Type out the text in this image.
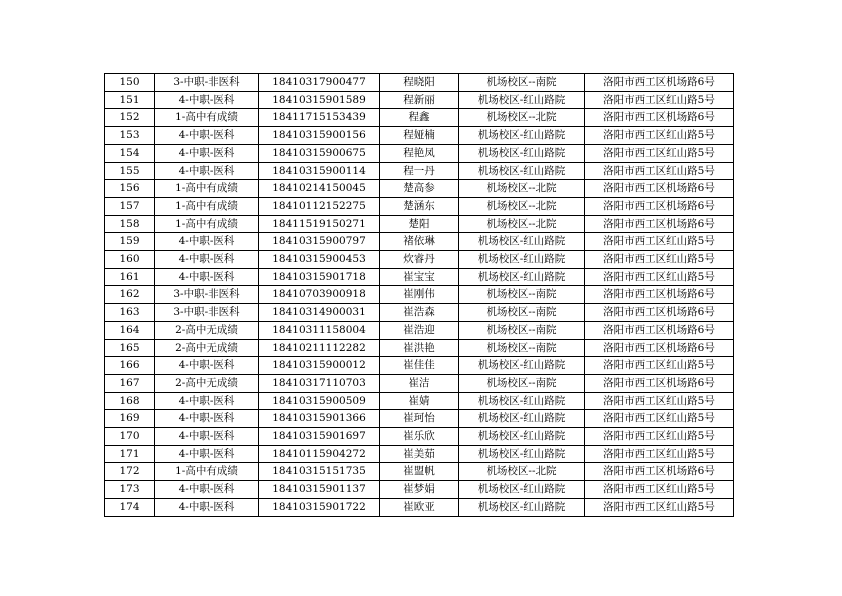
150	3-中职-非医科	18410317900477	程晓阳	机场校区--南院	洛阳市西工区机场路6号
151	4-中职-医科	18410315901589	程新丽	机场校区-红山路院	洛阳市西工区红山路5号
152	1-高中有成绩	18411715153439	程鑫	机场校区--北院	洛阳市西工区机场路6号
153	4-中职-医科	18410315900156	程娅楠	机场校区-红山路院	洛阳市西工区红山路5号
154	4-中职-医科	18410315900675	程艳凤	机场校区-红山路院	洛阳市西工区红山路5号
155	4-中职-医科	18410315900114	程一丹	机场校区-红山路院	洛阳市西工区红山路5号
156	1-高中有成绩	18410214150045	楚高参	机场校区--北院	洛阳市西工区机场路6号
157	1-高中有成绩	18410112152275	楚涵东	机场校区--北院	洛阳市西工区机场路6号
158	1-高中有成绩	18411519150271	楚阳	机场校区--北院	洛阳市西工区机场路6号
159	4-中职-医科	18410315900797	褚依琳	机场校区-红山路院	洛阳市西工区红山路5号
160	4-中职-医科	18410315900453	炊睿丹	机场校区-红山路院	洛阳市西工区红山路5号
161	4-中职-医科	18410315901718	崔宝宝	机场校区-红山路院	洛阳市西工区红山路5号
162	3-中职-非医科	18410703900918	崔刚伟	机场校区--南院	洛阳市西工区机场路6号
163	3-中职-非医科	18410314900031	崔浩森	机场校区--南院	洛阳市西工区机场路6号
164	2-高中无成绩	18410311158004	崔浩迎	机场校区--南院	洛阳市西工区机场路6号
165	2-高中无成绩	18410211112282	崔洪艳	机场校区--南院	洛阳市西工区机场路6号
166	4-中职-医科	18410315900012	崔佳佳	机场校区-红山路院	洛阳市西工区红山路5号
167	2-高中无成绩	18410317110703	崔洁	机场校区--南院	洛阳市西工区机场路6号
168	4-中职-医科	18410315900509	崔婧	机场校区-红山路院	洛阳市西工区红山路5号
169	4-中职-医科	18410315901366	崔珂怡	机场校区-红山路院	洛阳市西工区红山路5号
170	4-中职-医科	18410315901697	崔乐欣	机场校区-红山路院	洛阳市西工区红山路5号
171	4-中职-医科	18410115904272	崔美茹	机场校区-红山路院	洛阳市西工区红山路5号
172	1-高中有成绩	18410315151735	崔盟帆	机场校区--北院	洛阳市西工区机场路6号
173	4-中职-医科	18410315901137	崔梦娟	机场校区-红山路院	洛阳市西工区红山路5号
174	4-中职-医科	18410315901722	崔欧亚	机场校区-红山路院	洛阳市西工区红山路5号
